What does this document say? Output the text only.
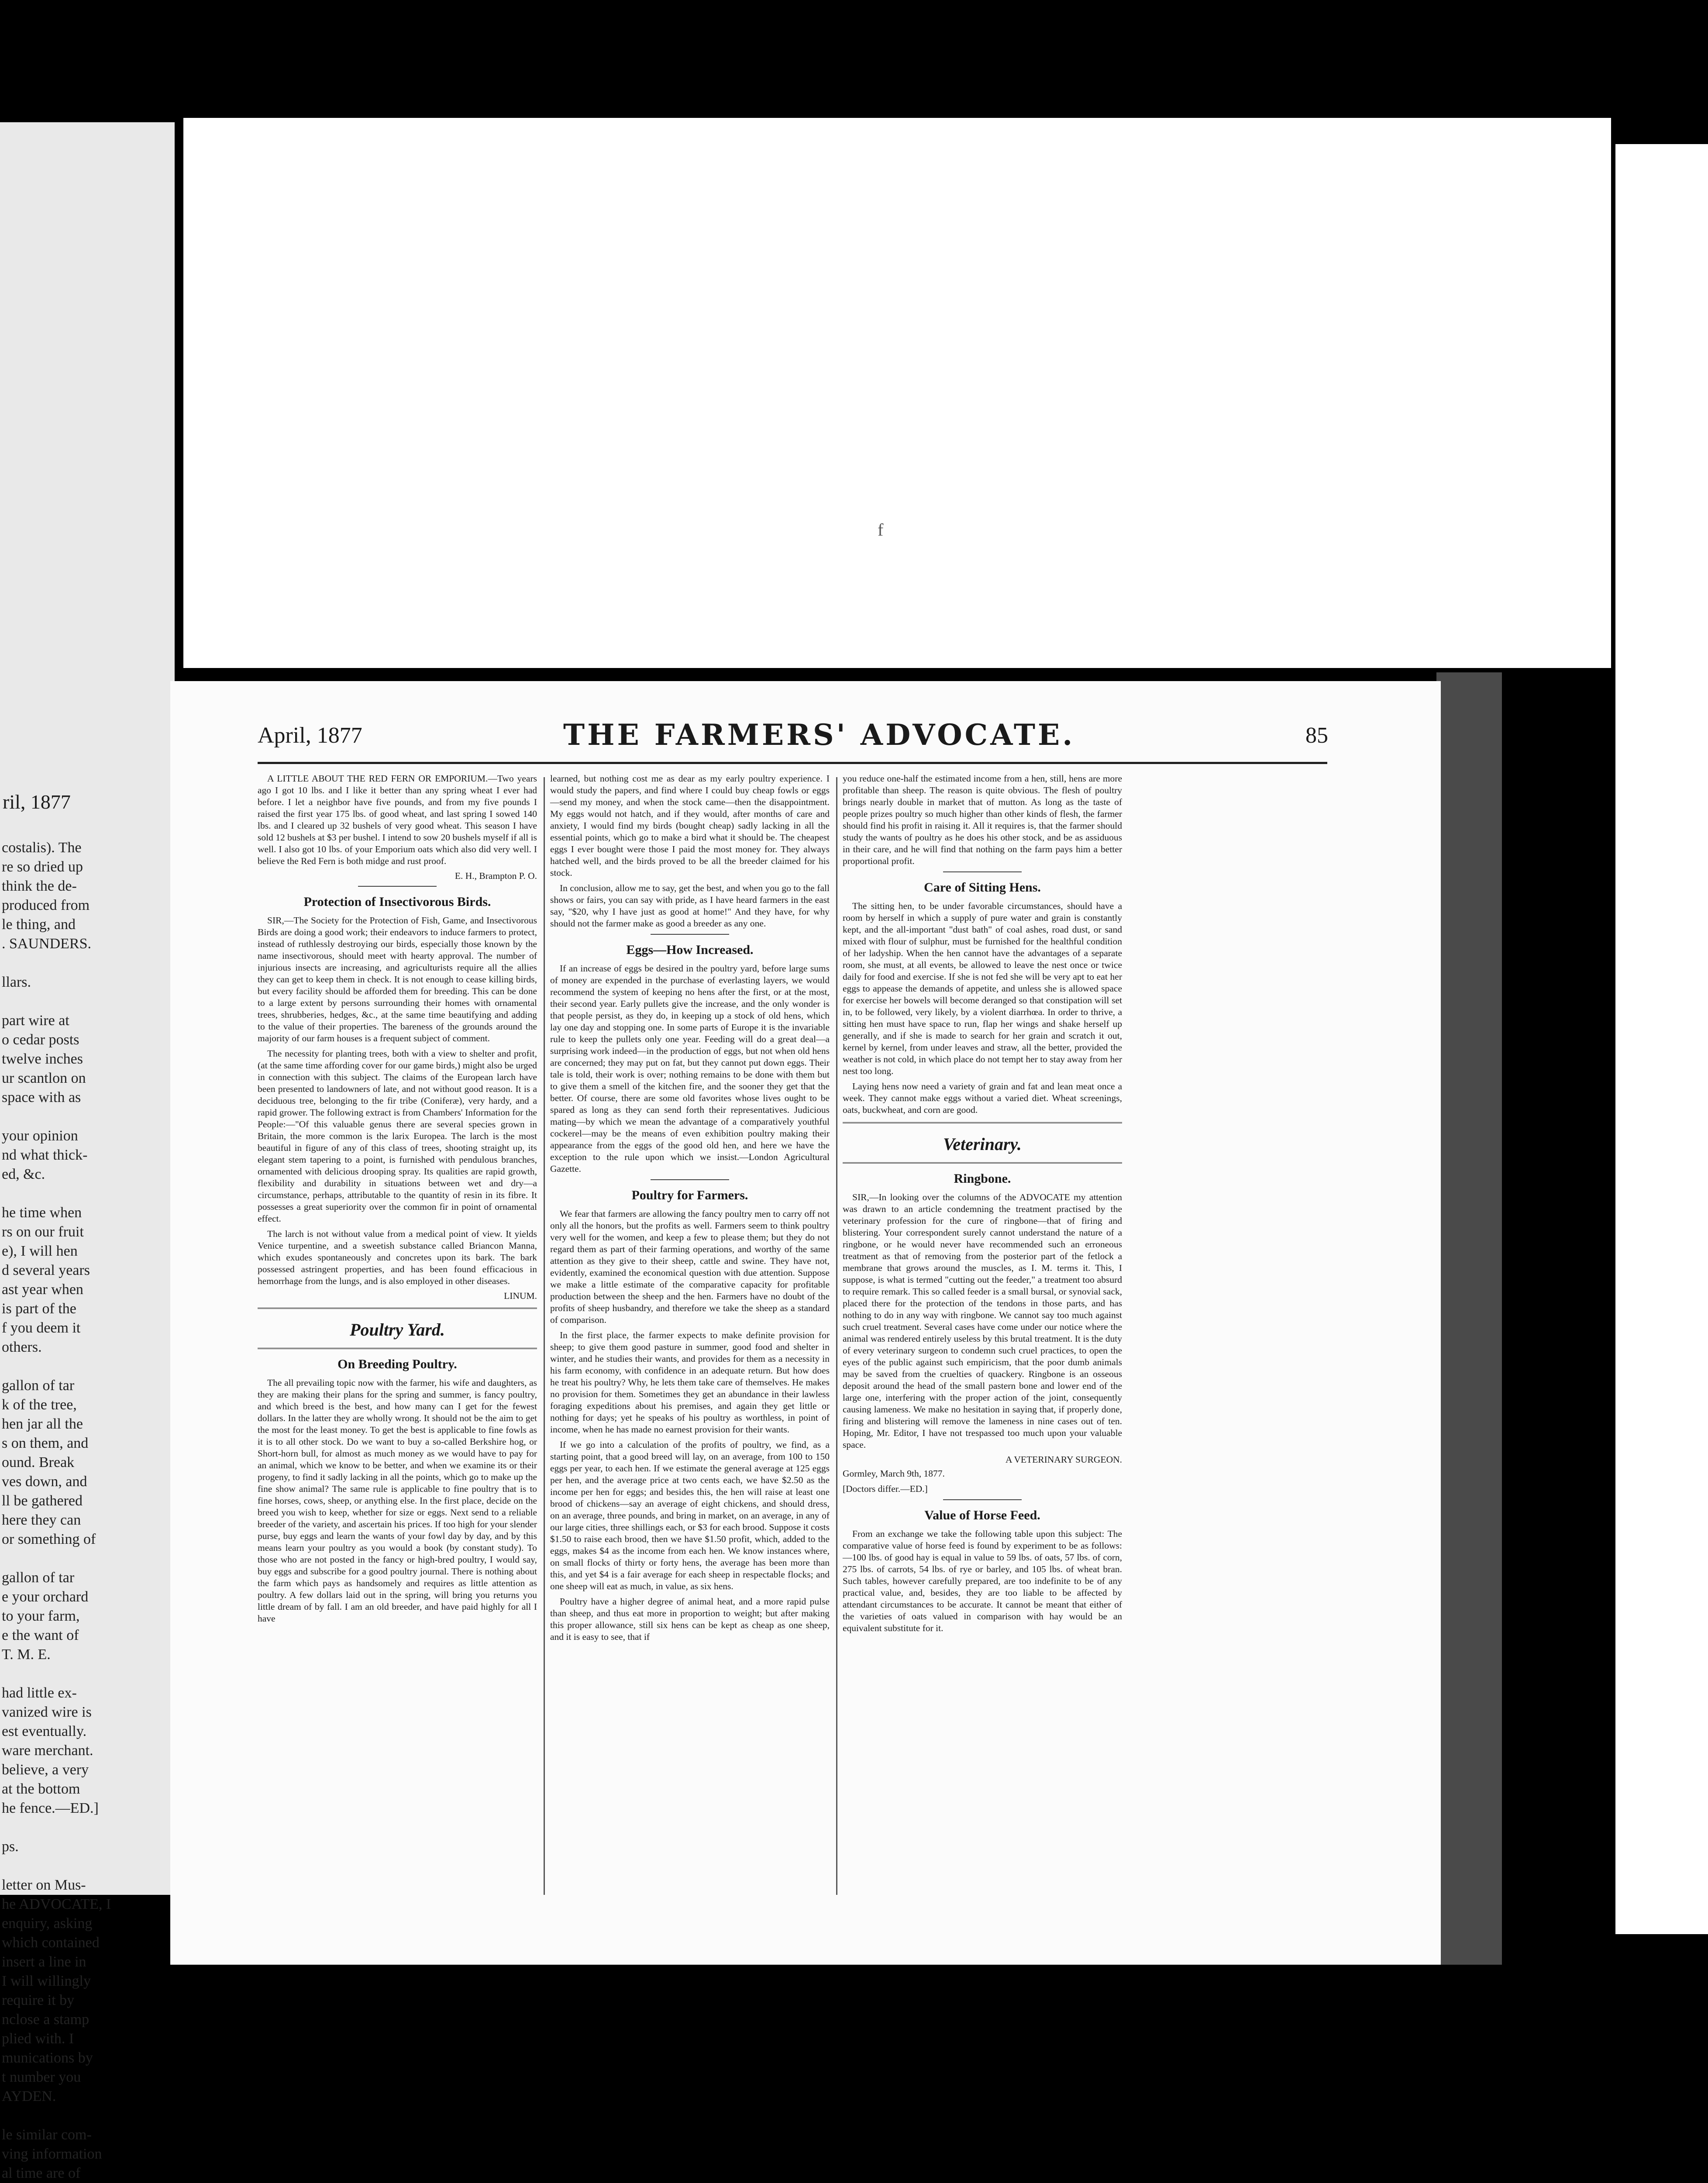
ril, 1877
costalis). The
re so dried up
think the de-
produced from
le thing, and
. SAUNDERS.

llars.

part wire at
o cedar posts
twelve inches
ur scantlon on
space with as

your opinion
nd what thick-
ed, &c.

he time when
rs on our fruit
e), I will hen
d several years
ast year when
is part of the
f you deem it
others.

gallon of tar
k of the tree,
hen jar all the
s on them, and
ound. Break
ves down, and
ll be gathered
here they can
or something of

gallon of tar
e your orchard
to your farm,
e the want of
T. M. E.

had little ex-
vanized wire is
est eventually.
ware merchant.
believe, a very
at the bottom
he fence.—ED.]

ps.

letter on Mus-
he ADVOCATE, I
enquiry, asking
which contained
insert a line in
I will willingly
require it by
nclose a stamp
plied with. I
munications by
t number you
AYDEN.

le similar com-
ving information
al time are of

f
April, 1877	THE FARMERS' ADVOCATE.	85

A LITTLE ABOUT THE RED FERN OR EMPORIUM.—Two years ago I got 10 lbs. and I like it better than any spring wheat I ever had before. I let a neighbor have five pounds, and from my five pounds I raised the first year 175 lbs. of good wheat, and last spring I sowed 140 lbs. and I cleared up 32 bushels of very good wheat. This season I have sold 12 bushels at $3 per bushel. I intend to sow 20 bushels myself if all is well. I also got 10 lbs. of your Emporium oats which also did very well. I believe the Red Fern is both midge and rust proof.

E. H., Brampton P. O.
Protection of Insectivorous Birds.

SIR,—The Society for the Protection of Fish, Game, and Insectivorous Birds are doing a good work; their endeavors to induce farmers to protect, instead of ruthlessly destroying our birds, especially those known by the name insectivorous, should meet with hearty approval. The number of injurious insects are increasing, and agriculturists require all the allies they can get to keep them in check. It is not enough to cease killing birds, but every facility should be afforded them for breeding. This can be done to a large extent by persons surrounding their homes with ornamental trees, shrubberies, hedges, &c., at the same time beautifying and adding to the value of their properties. The bareness of the grounds around the majority of our farm houses is a frequent subject of comment.

The necessity for planting trees, both with a view to shelter and profit, (at the same time affording cover for our game birds,) might also be urged in connection with this subject. The claims of the European larch have been presented to landowners of late, and not without good reason. It is a deciduous tree, belonging to the fir tribe (Coniferæ), very hardy, and a rapid grower. The following extract is from Chambers' Information for the People:—"Of this valuable genus there are several species grown in Britain, the more common is the larix Europea. The larch is the most beautiful in figure of any of this class of trees, shooting straight up, its elegant stem tapering to a point, is furnished with pendulous branches, ornamented with delicious drooping spray. Its qualities are rapid growth, flexibility and durability in situations between wet and dry—a circumstance, perhaps, attributable to the quantity of resin in its fibre. It possesses a great superiority over the common fir in point of ornamental effect.

The larch is not without value from a medical point of view. It yields Venice turpentine, and a sweetish substance called Briancon Manna, which exudes spontaneously and concretes upon its bark. The bark possessed astringent properties, and has been found efficacious in hemorrhage from the lungs, and is also employed in other diseases.

LINUM.
Poultry Yard.
On Breeding Poultry.

The all prevailing topic now with the farmer, his wife and daughters, as they are making their plans for the spring and summer, is fancy poultry, and which breed is the best, and how many can I get for the fewest dollars. In the latter they are wholly wrong. It should not be the aim to get the most for the least money. To get the best is applicable to fine fowls as it is to all other stock. Do we want to buy a so-called Berkshire hog, or Short-horn bull, for almost as much money as we would have to pay for an animal, which we know to be better, and when we examine its or their progeny, to find it sadly lacking in all the points, which go to make up the fine show animal? The same rule is applicable to fine poultry that is to fine horses, cows, sheep, or anything else. In the first place, decide on the breed you wish to keep, whether for size or eggs. Next send to a reliable breeder of the variety, and ascertain his prices. If too high for your slender purse, buy eggs and learn the wants of your fowl day by day, and by this means learn your poultry as you would a book (by constant study). To those who are not posted in the fancy or high-bred poultry, I would say, buy eggs and subscribe for a good poultry journal. There is nothing about the farm which pays as handsomely and requires as little attention as poultry. A few dollars laid out in the spring, will bring you returns you little dream of by fall. I am an old breeder, and have paid highly for all I have

learned, but nothing cost me as dear as my early poultry experience. I would study the papers, and find where I could buy cheap fowls or eggs—send my money, and when the stock came—then the disappointment. My eggs would not hatch, and if they would, after months of care and anxiety, I would find my birds (bought cheap) sadly lacking in all the essential points, which go to make a bird what it should be. The cheapest eggs I ever bought were those I paid the most money for. They always hatched well, and the birds proved to be all the breeder claimed for his stock.

In conclusion, allow me to say, get the best, and when you go to the fall shows or fairs, you can say with pride, as I have heard farmers in the east say, "$20, why I have just as good at home!" And they have, for why should not the farmer make as good a breeder as any one.

Eggs—How Increased.

If an increase of eggs be desired in the poultry yard, before large sums of money are expended in the purchase of everlasting layers, we would recommend the system of keeping no hens after the first, or at the most, their second year. Early pullets give the increase, and the only wonder is that people persist, as they do, in keeping up a stock of old hens, which lay one day and stopping one. In some parts of Europe it is the invariable rule to keep the pullets only one year. Feeding will do a great deal—a surprising work indeed—in the production of eggs, but not when old hens are concerned; they may put on fat, but they cannot put down eggs. Their tale is told, their work is over; nothing remains to be done with them but to give them a smell of the kitchen fire, and the sooner they get that the better. Of course, there are some old favorites whose lives ought to be spared as long as they can send forth their representatives. Judicious mating—by which we mean the advantage of a comparatively youthful cockerel—may be the means of even exhibition poultry making their appearance from the eggs of the good old hen, and here we have the exception to the rule upon which we insist.—London Agricultural Gazette.

Poultry for Farmers.

We fear that farmers are allowing the fancy poultry men to carry off not only all the honors, but the profits as well. Farmers seem to think poultry very well for the women, and keep a few to please them; but they do not regard them as part of their farming operations, and worthy of the same attention as they give to their sheep, cattle and swine. They have not, evidently, examined the economical question with due attention. Suppose we make a little estimate of the comparative capacity for profitable production between the sheep and the hen. Farmers have no doubt of the profits of sheep husbandry, and therefore we take the sheep as a standard of comparison.

In the first place, the farmer expects to make definite provision for sheep; to give them good pasture in summer, good food and shelter in winter, and he studies their wants, and provides for them as a necessity in his farm economy, with confidence in an adequate return. But how does he treat his poultry? Why, he lets them take care of themselves. He makes no provision for them. Sometimes they get an abundance in their lawless foraging expeditions about his premises, and again they get little or nothing for days; yet he speaks of his poultry as worthless, in point of income, when he has made no earnest provision for their wants.

If we go into a calculation of the profits of poultry, we find, as a starting point, that a good breed will lay, on an average, from 100 to 150 eggs per year, to each hen. If we estimate the general average at 125 eggs per hen, and the average price at two cents each, we have $2.50 as the income per hen for eggs; and besides this, the hen will raise at least one brood of chickens—say an average of eight chickens, and should dress, on an average, three pounds, and bring in market, on an average, in any of our large cities, three shillings each, or $3 for each brood. Suppose it costs $1.50 to raise each brood, then we have $1.50 profit, which, added to the eggs, makes $4 as the income from each hen. We know instances where, on small flocks of thirty or forty hens, the average has been more than this, and yet $4 is a fair average for each sheep in respectable flocks; and one sheep will eat as much, in value, as six hens.

Poultry have a higher degree of animal heat, and a more rapid pulse than sheep, and thus eat more in proportion to weight; but after making this proper allowance, still six hens can be kept as cheap as one sheep, and it is easy to see, that if

you reduce one-half the estimated income from a hen, still, hens are more profitable than sheep. The reason is quite obvious. The flesh of poultry brings nearly double in market that of mutton. As long as the taste of people prizes poultry so much higher than other kinds of flesh, the farmer should find his profit in raising it. All it requires is, that the farmer should study the wants of poultry as he does his other stock, and be as assiduous in their care, and he will find that nothing on the farm pays him a better proportional profit.

Care of Sitting Hens.

The sitting hen, to be under favorable circumstances, should have a room by herself in which a supply of pure water and grain is constantly kept, and the all-important "dust bath" of coal ashes, road dust, or sand mixed with flour of sulphur, must be furnished for the healthful condition of her ladyship. When the hen cannot have the advantages of a separate room, she must, at all events, be allowed to leave the nest once or twice daily for food and exercise. If she is not fed she will be very apt to eat her eggs to appease the demands of appetite, and unless she is allowed space for exercise her bowels will become deranged so that constipation will set in, to be followed, very likely, by a violent diarrhœa. In order to thrive, a sitting hen must have space to run, flap her wings and shake herself up generally, and if she is made to search for her grain and scratch it out, kernel by kernel, from under leaves and straw, all the better, provided the weather is not cold, in which place do not tempt her to stay away from her nest too long.

Laying hens now need a variety of grain and fat and lean meat once a week. They cannot make eggs without a varied diet. Wheat screenings, oats, buckwheat, and corn are good.

Veterinary.
Ringbone.

SIR,—In looking over the columns of the ADVOCATE my attention was drawn to an article condemning the treatment practised by the veterinary profession for the cure of ringbone—that of firing and blistering. Your correspondent surely cannot understand the nature of a ringbone, or he would never have recommended such an erroneous treatment as that of removing from the posterior part of the fetlock a membrane that grows around the muscles, as I. M. terms it. This, I suppose, is what is termed "cutting out the feeder," a treatment too absurd to require remark. This so called feeder is a small bursal, or synovial sack, placed there for the protection of the tendons in those parts, and has nothing to do in any way with ringbone. We cannot say too much against such cruel treatment. Several cases have come under our notice where the animal was rendered entirely useless by this brutal treatment. It is the duty of every veterinary surgeon to condemn such cruel practices, to open the eyes of the public against such empiricism, that the poor dumb animals may be saved from the cruelties of quackery. Ringbone is an osseous deposit around the head of the small pastern bone and lower end of the large one, interfering with the proper action of the joint, consequently causing lameness. We make no hesitation in saying that, if properly done, firing and blistering will remove the lameness in nine cases out of ten. Hoping, Mr. Editor, I have not trespassed too much upon your valuable space.

A VETERINARY SURGEON.

Gormley, March 9th, 1877.

[Doctors differ.—ED.]

Value of Horse Feed.

From an exchange we take the following table upon this subject: The comparative value of horse feed is found by experiment to be as follows:—100 lbs. of good hay is equal in value to 59 lbs. of oats, 57 lbs. of corn, 275 lbs. of carrots, 54 lbs. of rye or barley, and 105 lbs. of wheat bran. Such tables, however carefully prepared, are too indefinite to be of any practical value, and, besides, they are too liable to be affected by attendant circumstances to be accurate. It cannot be meant that either of the varieties of oats valued in comparison with hay would be an equivalent substitute for it.
